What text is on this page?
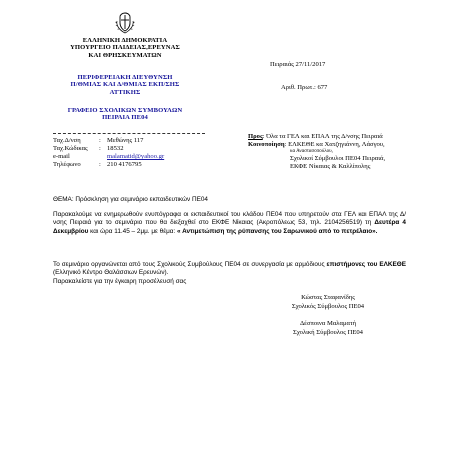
ΕΛΛΗΝΙΚΗ ΔΗΜΟΚΡΑΤΙΑ
ΥΠΟΥΡΓΕΙΟ ΠΑΙΔΕΙΑΣ,ΕΡΕΥΝΑΣ
ΚΑΙ ΘΡΗΣΚΕΥΜΑΤΩΝ
ΠΕΡΙΦΕΡΕΙΑΚΗ ΔΙΕΥΘΥΝΣΗ
Π/ΘΜΙΑΣ ΚΑΙ Δ/ΘΜΙΑΣ ΕΚΠ/ΣΗΣ
ΑΤΤΙΚΗΣ
ΓΡΑΦΕΙΟ ΣΧΟΛΙΚΩΝ ΣΥΜΒΟΥΛΩΝ
ΠΕΙΡΑΙΑ ΠΕ04
Πειραιάς 27/11/2017
Αριθ. Πρωτ.: 677
Ταχ.Δ/νση	: Μεθώνης 117
Ταχ.Κώδικας : 18532
e-mail	malamatid@yahoo.gr
Τηλέφωνο	: 210 4176795
Προς: Όλα τα ΓΕΛ και ΕΠΑΛ της Δ/νσης Πειραιά
Κοινοποίηση: ΕΛΚΕΘΕ κα Χατζηγιάννη, Λάσγου,
κα Αναστασοπούλου,
Σχολικοί Σύμβουλοι ΠΕ04 Πειραιά,
ΕΚΦΕ Νίκαιας & Καλλίπολης
ΘΕΜΑ: Πρόσκληση για σεμινάριο εκπαιδευτικών ΠΕ04
Παρακαλούμε να ενημερωθούν ενυπόγραφα οι εκπαιδευτικοί του κλάδου ΠΕ04 που υπηρετούν στα ΓΕΛ και ΕΠΑΛ της Δ/νσης Πειραιά για το σεμινάριο που θα διεξαχθεί στο ΕΚΦΕ Νίκαιας (Ακροπόλεως 53, τηλ. 2104256519) τη Δευτέρα 4 Δεκεμβρίου και ώρα 11.45 – 2μμ. με θέμα: « Αντιμετώπιση της ρύπανσης του Σαρωνικού από το πετρέλαιο».
Το σεμινάριο οργανώνεται από τους Σχολικούς Συμβούλους ΠΕ04 σε συνεργασία με αρμόδιους επιστήμονες του ΕΛΚΕΘΕ (Ελληνικό Κέντρο Θαλάσσιων Ερευνών).
Παρακαλείστε για την έγκαιρη προσέλευσή σας
Κώστας Σταφανίδης
Σχολικός Σύμβουλος ΠΕ04
Δέσποινα Μαλαματή
Σχολική Σύμβουλος ΠΕ04
